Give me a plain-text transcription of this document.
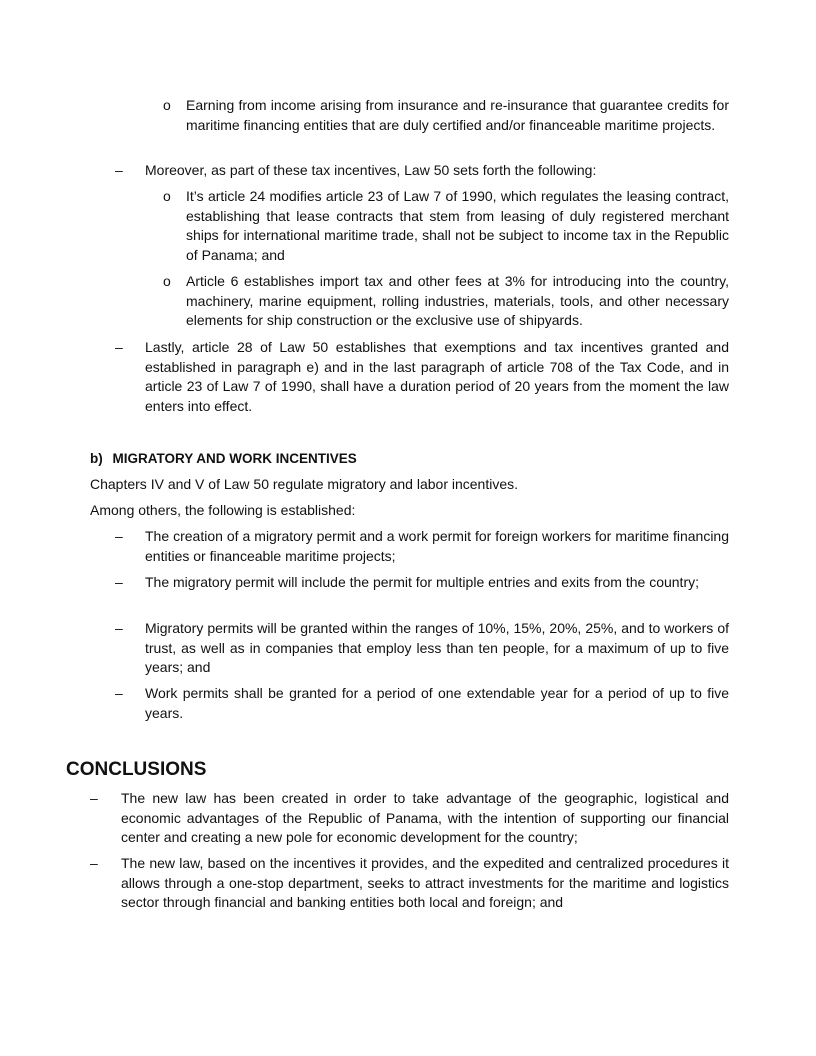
o Earning from income arising from insurance and re-insurance that guarantee credits for maritime financing entities that are duly certified and/or financeable maritime projects.

– Moreover, as part of these tax incentives, Law 50 sets forth the following:

o It’s article 24 modifies article 23 of Law 7 of 1990, which regulates the leasing contract, establishing that lease contracts that stem from leasing of duly registered merchant ships for international maritime trade, shall not be subject to income tax in the Republic of Panama; and

o Article 6 establishes import tax and other fees at 3% for introducing into the country, machinery, marine equipment, rolling industries, materials, tools, and other necessary elements for ship construction or the exclusive use of shipyards.

– Lastly, article 28 of Law 50 establishes that exemptions and tax incentives granted and established in paragraph e) and in the last paragraph of article 708 of the Tax Code, and in article 23 of Law 7 of 1990, shall have a duration period of 20 years from the moment the law enters into effect.

b) MIGRATORY AND WORK INCENTIVES

Chapters IV and V of Law 50 regulate migratory and labor incentives.

Among others, the following is established:

– The creation of a migratory permit and a work permit for foreign workers for maritime financing entities or financeable maritime projects;

– The migratory permit will include the permit for multiple entries and exits from the country;

– Migratory permits will be granted within the ranges of 10%, 15%, 20%, 25%, and to workers of trust, as well as in companies that employ less than ten people, for a maximum of up to five years; and

– Work permits shall be granted for a period of one extendable year for a period of up to five years.

CONCLUSIONS
– The new law has been created in order to take advantage of the geographic, logistical and economic advantages of the Republic of Panama, with the intention of supporting our financial center and creating a new pole for economic development for the country;

– The new law, based on the incentives it provides, and the expedited and centralized procedures it allows through a one-stop department, seeks to attract investments for the maritime and logistics sector through financial and banking entities both local and foreign; and
